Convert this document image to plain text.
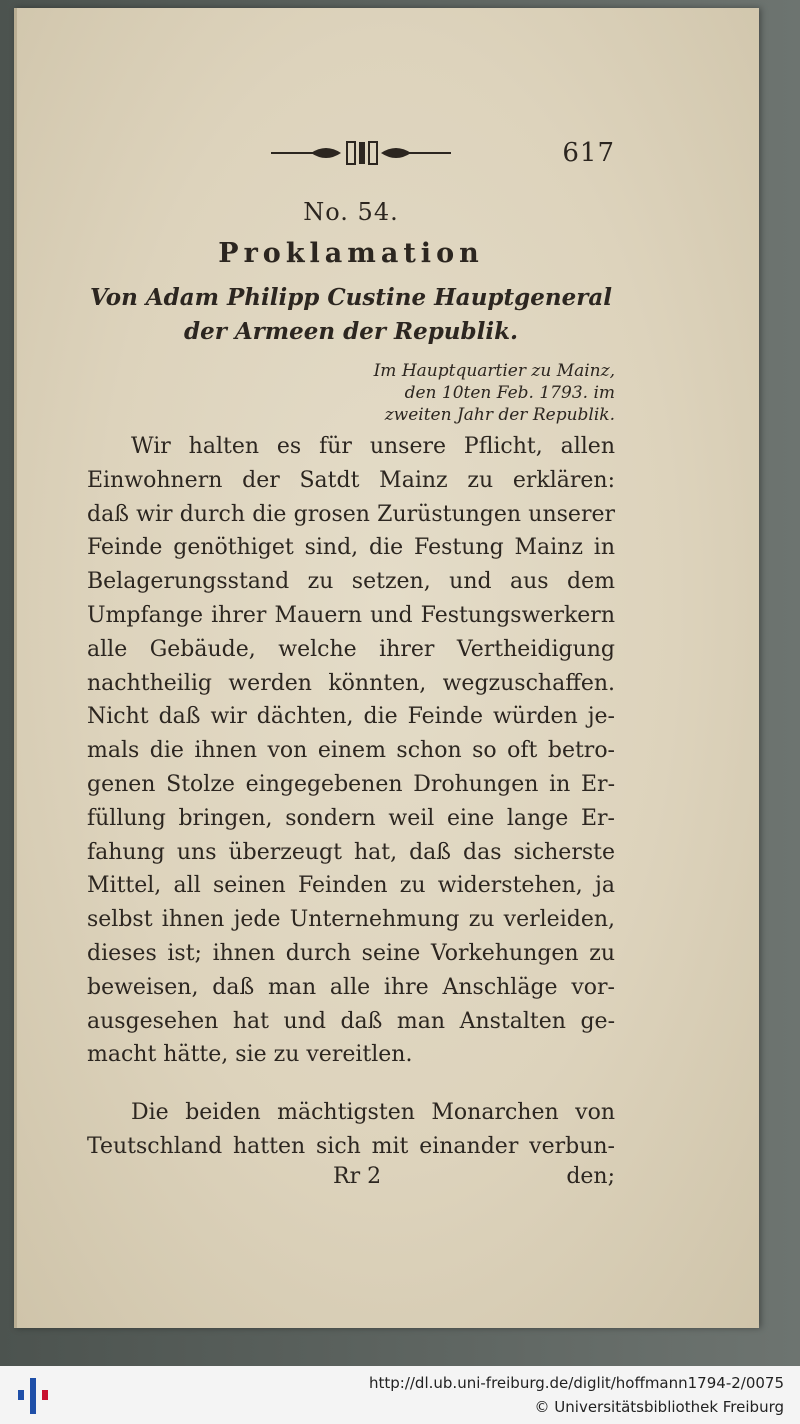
617
No. 54.
Proklamation
Von Adam Philipp Custine Hauptgeneral
der Armeen der Republik.
Im Hauptquartier zu Mainz,
den 10ten Feb. 1793. im
zweiten Jahr der Republik.
Wir halten es für unsere Pflicht, allen
Einwohnern der Satdt Mainz zu erklären:
daß wir durch die grosen Zurüstungen unserer
Feinde genöthiget sind, die Festung Mainz in
Belagerungsstand zu setzen, und aus dem
Umpfange ihrer Mauern und Festungswerkern
alle Gebäude, welche ihrer Vertheidigung
nachtheilig werden könnten, wegzuschaffen.
Nicht daß wir dächten, die Feinde würden je-
mals die ihnen von einem schon so oft betro-
genen Stolze eingegebenen Drohungen in Er-
füllung bringen, sondern weil eine lange Er-
fahung uns überzeugt hat, daß das sicherste
Mittel, all seinen Feinden zu widerstehen, ja
selbst ihnen jede Unternehmung zu verleiden,
dieses ist; ihnen durch seine Vorkehungen zu
beweisen, daß man alle ihre Anschläge vor-
ausgesehen hat und daß man Anstalten ge-
macht hätte, sie zu vereitlen.
Die beiden mächtigsten Monarchen von
Teutschland hatten sich mit einander verbun-
Rr 2	den;
http://dl.ub.uni-freiburg.de/diglit/hoffmann1794-2/0075
© Universitätsbibliothek Freiburg
